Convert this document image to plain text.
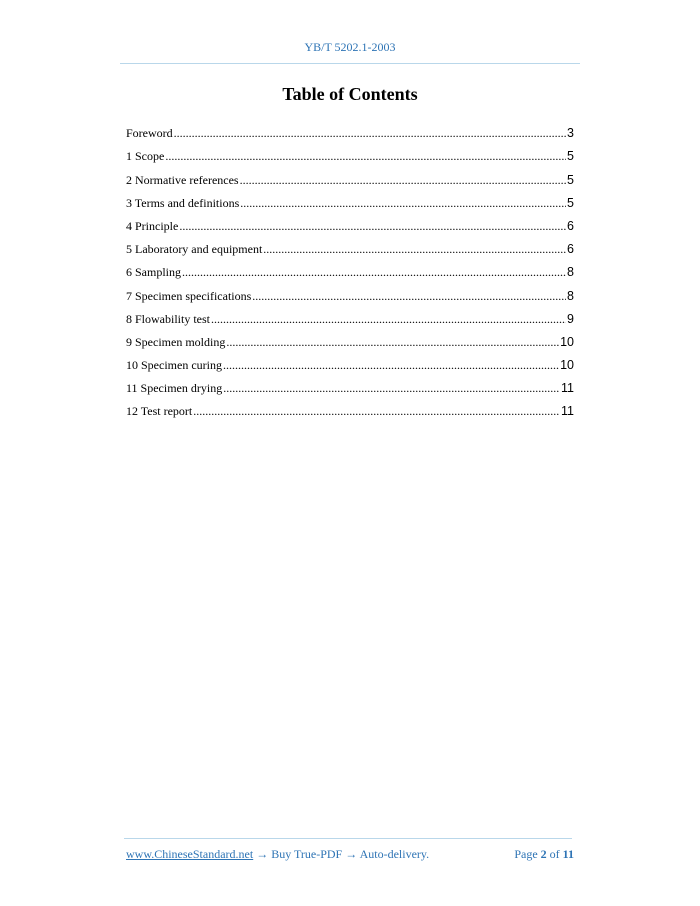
YB/T 5202.1-2003
Table of Contents
Foreword .....	3
1 Scope .....	5
2 Normative references .....	5
3 Terms and definitions .....	5
4 Principle .....	6
5 Laboratory and equipment .....	6
6 Sampling .....	8
7 Specimen specifications .....	8
8 Flowability test .....	9
9 Specimen molding .....	10
10 Specimen curing .....	10
11 Specimen drying .....	11
12 Test report .....	11
www.ChineseStandard.net → Buy True-PDF → Auto-delivery.	Page 2 of 11
